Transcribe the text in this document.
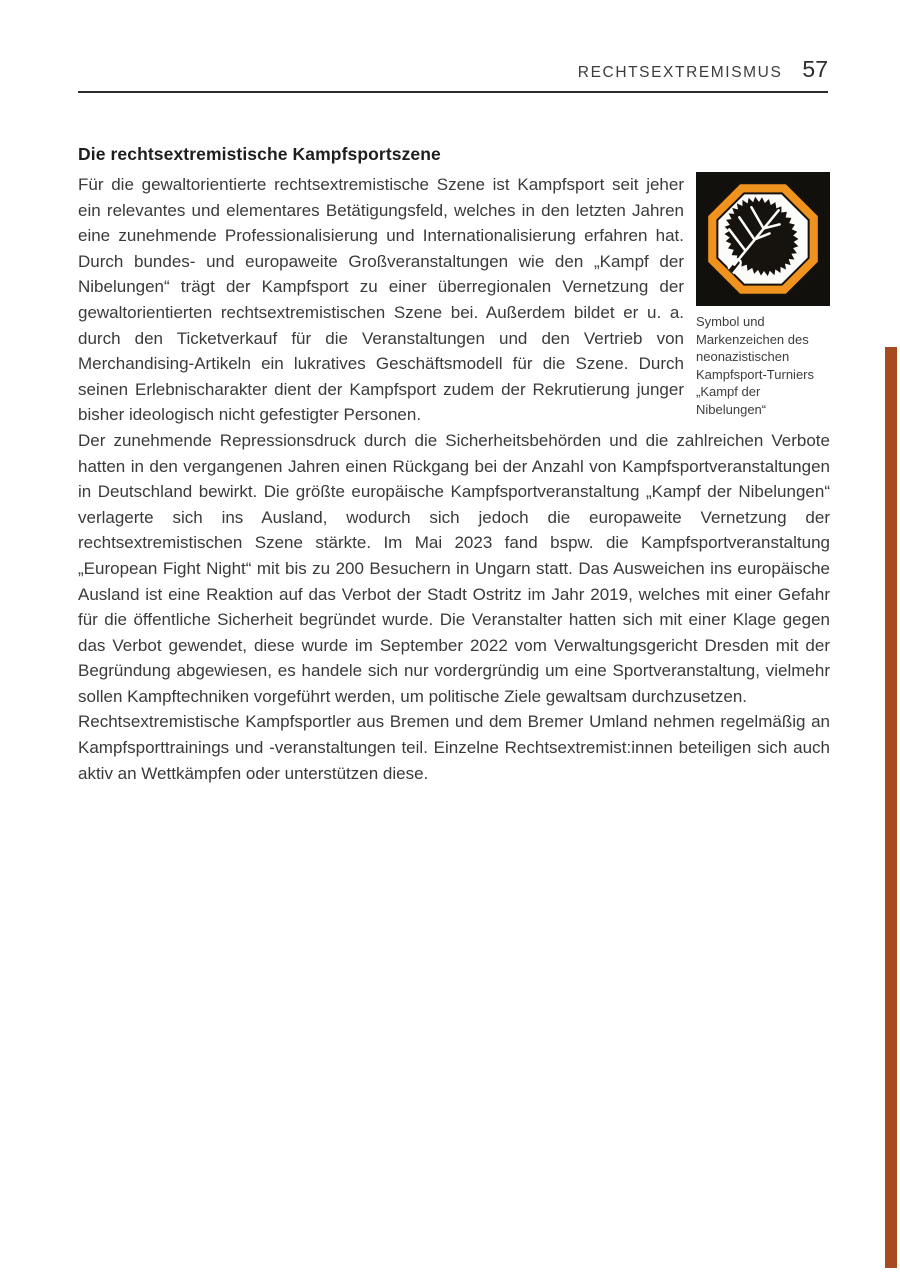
RECHTSEXTREMISMUS 57
Die rechtsextremistische Kampfsportszene

Für die gewaltorientierte rechtsextremistische Szene ist Kampfsport seit jeher ein relevantes und elementares Betätigungsfeld, welches in den letzten Jahren eine zunehmende Professionalisierung und Internationalisierung erfahren hat. Durch bundes- und europaweite Großveranstaltungen wie den „Kampf der Nibelungen“ trägt der Kampfsport zu einer überregionalen Vernetzung der gewaltorientierten rechtsextremistischen Szene bei. Außerdem bildet er u. a. durch den Ticketverkauf für die Veranstaltungen und den Vertrieb von Merchandising-Artikeln ein lukratives Geschäftsmodell für die Szene. Durch seinen Erlebnischarakter dient der Kampfsport zudem der Rekrutierung junger bisher ideologisch nicht gefestigter Personen.

Symbol und Markenzeichen des neonazistischen Kampfsport-Turniers „Kampf der Nibelungen“

Der zunehmende Repressionsdruck durch die Sicherheitsbehörden und die zahlreichen Verbote hatten in den vergangenen Jahren einen Rückgang bei der Anzahl von Kampfsportveranstaltungen in Deutschland bewirkt. Die größte europäische Kampfsportveranstaltung „Kampf der Nibelungen“ verlagerte sich ins Ausland, wodurch sich jedoch die europaweite Vernetzung der rechtsextremistischen Szene stärkte. Im Mai 2023 fand bspw. die Kampfsportveranstaltung „European Fight Night“ mit bis zu 200 Besuchern in Ungarn statt. Das Ausweichen ins europäische Ausland ist eine Reaktion auf das Verbot der Stadt Ostritz im Jahr 2019, welches mit einer Gefahr für die öffentliche Sicherheit begründet wurde. Die Veranstalter hatten sich mit einer Klage gegen das Verbot gewendet, diese wurde im September 2022 vom Verwaltungsgericht Dresden mit der Begründung abgewiesen, es handele sich nur vordergründig um eine Sportveranstaltung, vielmehr sollen Kampftechniken vorgeführt werden, um politische Ziele gewaltsam durchzusetzen.

Rechtsextremistische Kampfsportler aus Bremen und dem Bremer Umland nehmen regelmäßig an Kampfsporttrainings und -veranstaltungen teil. Einzelne Rechtsextremist:innen beteiligen sich auch aktiv an Wettkämpfen oder unterstützen diese.
